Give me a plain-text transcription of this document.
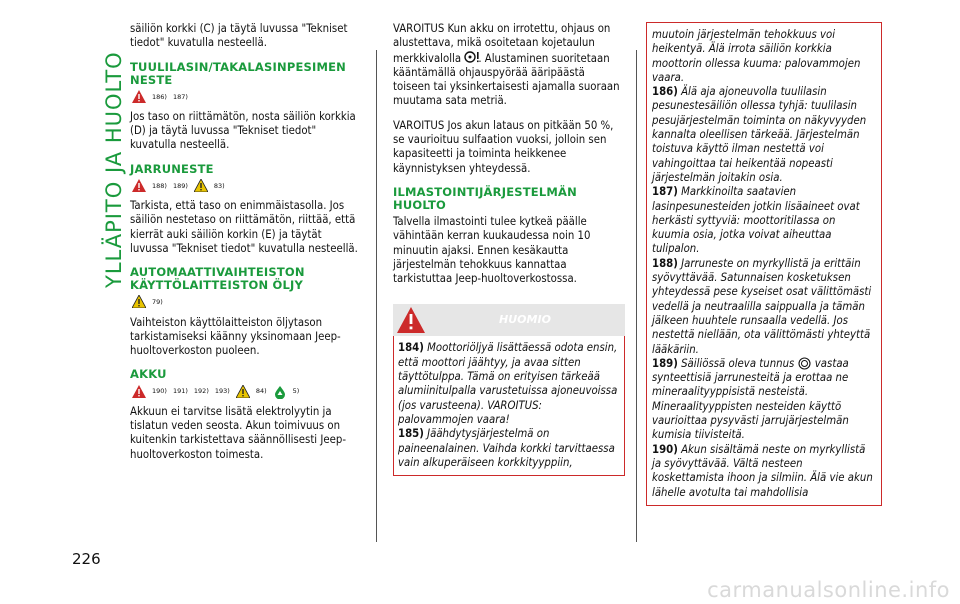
YLLÄPITO JA HUOLTO
226

säiliön korkki (C) ja täytä luvussa "Tekniset tiedot" kuvatulla nesteellä.

TUULILASIN/TAKALASINPESIMEN NESTE
186) 187)

Jos taso on riittämätön, nosta säiliön korkkia (D) ja täytä luvussa "Tekniset tiedot" kuvatulla nesteellä.

JARRUNESTE
188) 189)	83)

Tarkista, että taso on enimmäistasolla. Jos säiliön nestetaso on riittämätön, riittää, että kierrät auki säiliön korkin (E) ja täytät luvussa "Tekniset tiedot" kuvatulla nesteellä.

AUTOMAATTIVAIHTEISTON KÄYTTÖLAITTEISTON ÖLJY
79)

Vaihteiston käyttölaitteiston öljytason tarkistamiseksi käänny yksinomaan Jeep-huoltoverkoston puoleen.

AKKU
190) 191) 192) 193)	84)	5)

Akkuun ei tarvitse lisätä elektrolyytin ja tislatun veden seosta. Akun toimivuus on kuitenkin tarkistettava säännöllisesti Jeep-huoltoverkoston toimesta.

VAROITUS Kun akku on irrotettu, ohjaus on alustettava, mikä osoitetaan kojetaulun merkkivalolla . Alustaminen suoritetaan kääntämällä ohjauspyörää ääripäästä toiseen tai yksinkertaisesti ajamalla suoraan muutama sata metriä.

VAROITUS Jos akun lataus on pitkään 50 %, se vaurioituu sulfaation vuoksi, jolloin sen kapasiteetti ja toiminta heikkenee käynnistyksen yhteydessä.

ILMASTOINTIJÄRJESTELMÄN HUOLTO

Talvella ilmastointi tulee kytkeä päälle vähintään kerran kuukaudessa noin 10 minuutin ajaksi. Ennen kesäkautta järjestelmän tehokkuus kannattaa tarkistuttaa Jeep-huoltoverkostossa.

HUOMIO
184) Moottoriöljyä lisättäessä odota ensin, että moottori jäähtyy, ja avaa sitten täyttötulppa. Tämä on erityisen tärkeää alumiinitulpalla varustetuissa ajoneuvoissa (jos varusteena). VAROITUS: palovammojen vaara!
185) Jäähdytysjärjestelmä on paineenalainen. Vaihda korkki tarvittaessa vain alkuperäiseen korkkityyppiin,
muutoin järjestelmän tehokkuus voi heikentyä. Älä irrota säiliön korkkia moottorin ollessa kuuma: palovammojen vaara.
186) Älä aja ajoneuvolla tuulilasin pesunestesäiliön ollessa tyhjä: tuulilasin pesujärjestelmän toiminta on näkyvyyden kannalta oleellisen tärkeää. Järjestelmän toistuva käyttö ilman nestettä voi vahingoittaa tai heikentää nopeasti järjestelmän joitakin osia.
187) Markkinoilta saatavien lasinpesunesteiden jotkin lisäaineet ovat herkästi syttyviä: moottoritilassa on kuumia osia, jotka voivat aiheuttaa tulipalon.
188) Jarruneste on myrkyllistä ja erittäin syövyttävää. Satunnaisen kosketuksen yhteydessä pese kyseiset osat välittömästi vedellä ja neutraalilla saippualla ja tämän jälkeen huuhtele runsaalla vedellä. Jos nestettä niellään, ota välittömästi yhteyttä lääkäriin.
189) Säiliössä oleva tunnus vastaa synteettisiä jarrunesteitä ja erottaa ne mineraalityyppisistä nesteistä. Mineraalityyppisten nesteiden käyttö vaurioittaa pysyvästi jarrujärjestelmän kumisia tiivisteitä.
190) Akun sisältämä neste on myrkyllistä ja syövyttävää. Vältä nesteen koskettamista ihoon ja silmiin. Älä vie akun lähelle avotulta tai mahdollisia
carmanualsonline.info
